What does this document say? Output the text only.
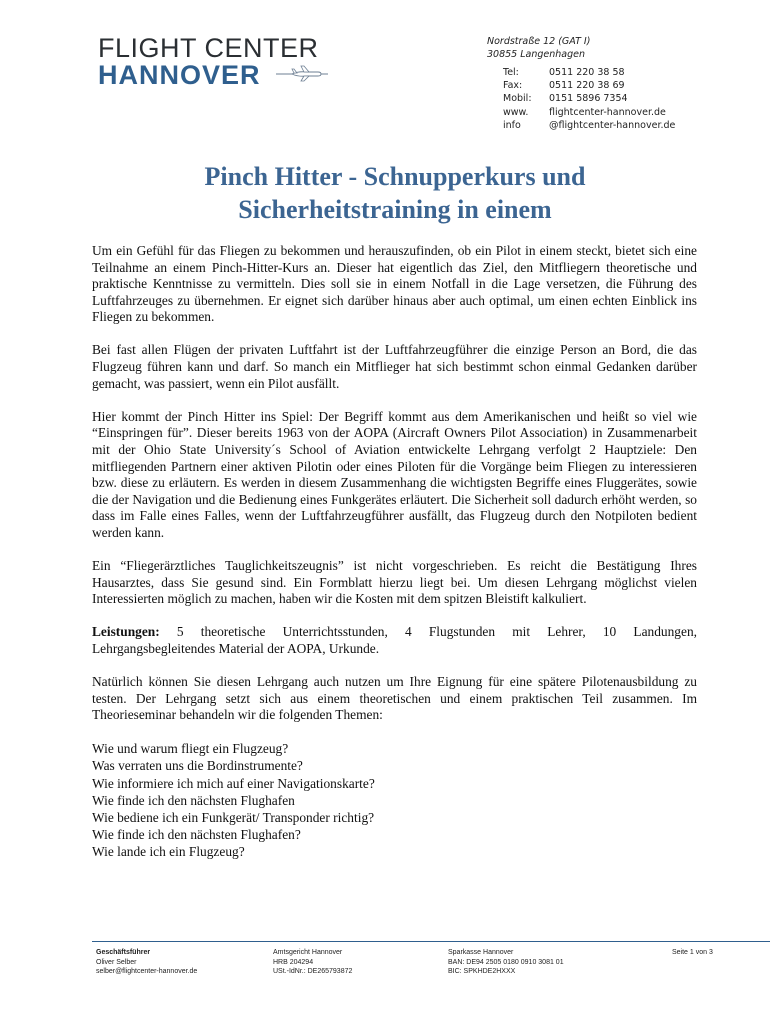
FLIGHT CENTER
HANNOVER
Nordstraße 12 (GAT I)
30855 Langenhagen
Tel:	0511 220 38 58
Fax:	0511 220 38 69
Mobil:	0151 5896 7354
www.	flightcenter-hannover.de
info	@flightcenter-hannover.de
Pinch Hitter - Schnupperkurs und
Sicherheitstraining in einem

Um ein Gefühl für das Fliegen zu bekommen und herauszufinden, ob ein Pilot in einem steckt, bietet sich eine Teilnahme an einem Pinch-Hitter-Kurs an. Dieser hat eigentlich das Ziel, den Mitfliegern theoretische und praktische Kenntnisse zu vermitteln. Dies soll sie in einem Notfall in die Lage versetzen, die Führung des Luftfahrzeuges zu übernehmen. Er eignet sich darüber hinaus aber auch optimal, um einen echten Einblick ins Fliegen zu bekommen.

Bei fast allen Flügen der privaten Luftfahrt ist der Luftfahrzeugführer die einzige Person an Bord, die das Flugzeug führen kann und darf. So manch ein Mitflieger hat sich bestimmt schon einmal Gedanken darüber gemacht, was passiert, wenn ein Pilot ausfällt.

Hier kommt der Pinch Hitter ins Spiel: Der Begriff kommt aus dem Amerikanischen und heißt so viel wie “Einspringen für”. Dieser bereits 1963 von der AOPA (Aircraft Owners Pilot Association) in Zusammenarbeit mit der Ohio State University´s School of Aviation entwickelte Lehrgang verfolgt 2 Hauptziele: Den mitfliegenden Partnern einer aktiven Pilotin oder eines Piloten für die Vorgänge beim Fliegen zu interessieren bzw. diese zu erläutern. Es werden in diesem Zusammenhang die wichtigsten Begriffe eines Fluggerätes, sowie die der Navigation und die Bedienung eines Funkgerätes erläutert. Die Sicherheit soll dadurch erhöht werden, so dass im Falle eines Falles, wenn der Luftfahrzeugführer ausfällt, das Flugzeug durch den Notpiloten bedient werden kann.

Ein “Fliegerärztliches Tauglichkeitszeugnis” ist nicht vorgeschrieben. Es reicht die Bestätigung Ihres Hausarztes, dass Sie gesund sind. Ein Formblatt hierzu liegt bei. Um diesen Lehrgang möglichst vielen Interessierten möglich zu machen, haben wir die Kosten mit dem spitzen Bleistift kalkuliert.

Leistungen: 5 theoretische Unterrichtsstunden, 4 Flugstunden mit Lehrer, 10 Landungen, Lehrgangsbegleitendes Material der AOPA, Urkunde.

Natürlich können Sie diesen Lehrgang auch nutzen um Ihre Eignung für eine spätere Pilotenausbildung zu testen. Der Lehrgang setzt sich aus einem theoretischen und einem praktischen Teil zusammen. Im Theorieseminar behandeln wir die folgenden Themen:

Wie und warum fliegt ein Flugzeug?
Was verraten uns die Bordinstrumente?
Wie informiere ich mich auf einer Navigationskarte?
Wie finde ich den nächsten Flughafen
Wie bediene ich ein Funkgerät/ Transponder richtig?
Wie finde ich den nächsten Flughafen?
Wie lande ich ein Flugzeug?
Geschäftsführer
Oliver Selber
selber@flightcenter-hannover.de
Amtsgericht Hannover
HRB 204294
USt.-IdNr.: DE265793872
Sparkasse Hannover
BAN: DE94 2505 0180 0910 3081 01
BIC: SPKHDE2HXXX
Seite 1 von 3
